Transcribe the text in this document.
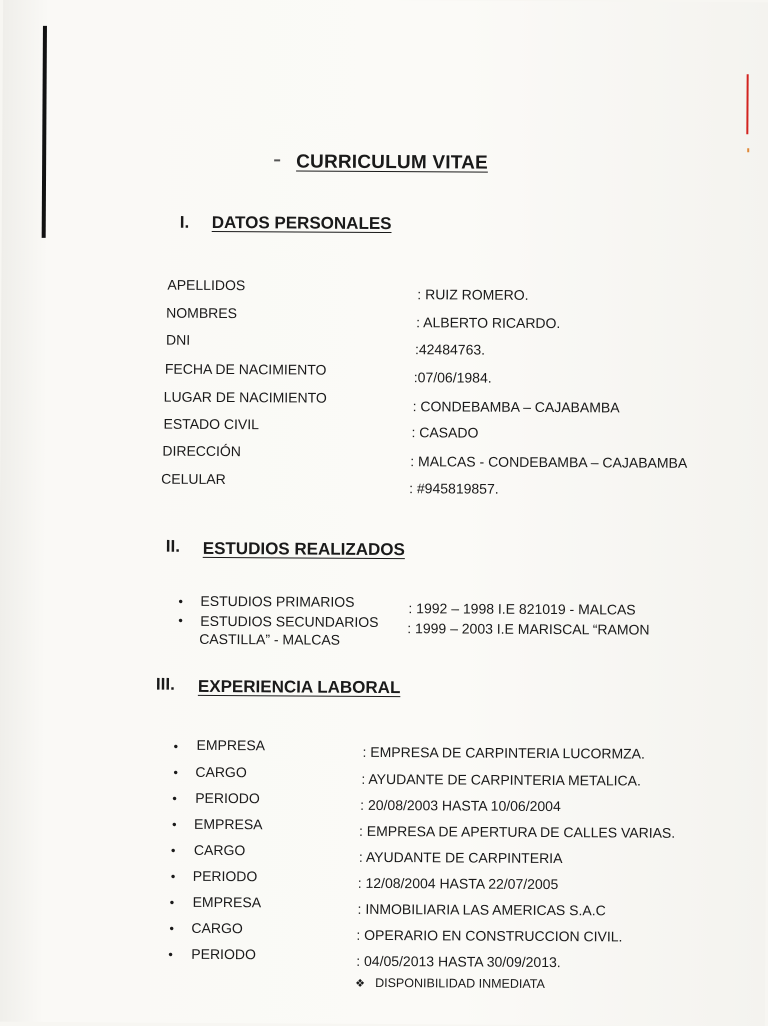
CURRICULUM VITAE
I. DATOS PERSONALES
APELLIDOS
: RUIZ ROMERO.
NOMBRES
: ALBERTO RICARDO.
DNI
:42484763.
FECHA DE NACIMIENTO	:07/06/1984.
LUGAR DE NACIMIENTO
: CONDEBAMBA – CAJABAMBA
ESTADO CIVIL
: CASADO
DIRECCIÓN
: MALCAS - CONDEBAMBA – CAJABAMBA
CELULAR
: #945819857.
II. ESTUDIOS REALIZADOS
• ESTUDIOS PRIMARIOS	: 1992 – 1998 I.E 821019 - MALCAS
• ESTUDIOS SECUNDARIOS : 1999 – 2003 I.E MARISCAL “RAMON
CASTILLA” - MALCAS
III. EXPERIENCIA LABORAL
• EMPRESA	: EMPRESA DE CARPINTERIA LUCORMZA.
• CARGO	: AYUDANTE DE CARPINTERIA METALICA.
• PERIODO	: 20/08/2003 HASTA 10/06/2004
• EMPRESA	: EMPRESA DE APERTURA DE CALLES VARIAS.
• CARGO	: AYUDANTE DE CARPINTERIA
• PERIODO	: 12/08/2004 HASTA 22/07/2005
• EMPRESA	: INMOBILIARIA LAS AMERICAS S.A.C
• CARGO	: OPERARIO EN CONSTRUCCION CIVIL.
• PERIODO	: 04/05/2013 HASTA 30/09/2013.
❖ DISPONIBILIDAD INMEDIATA
